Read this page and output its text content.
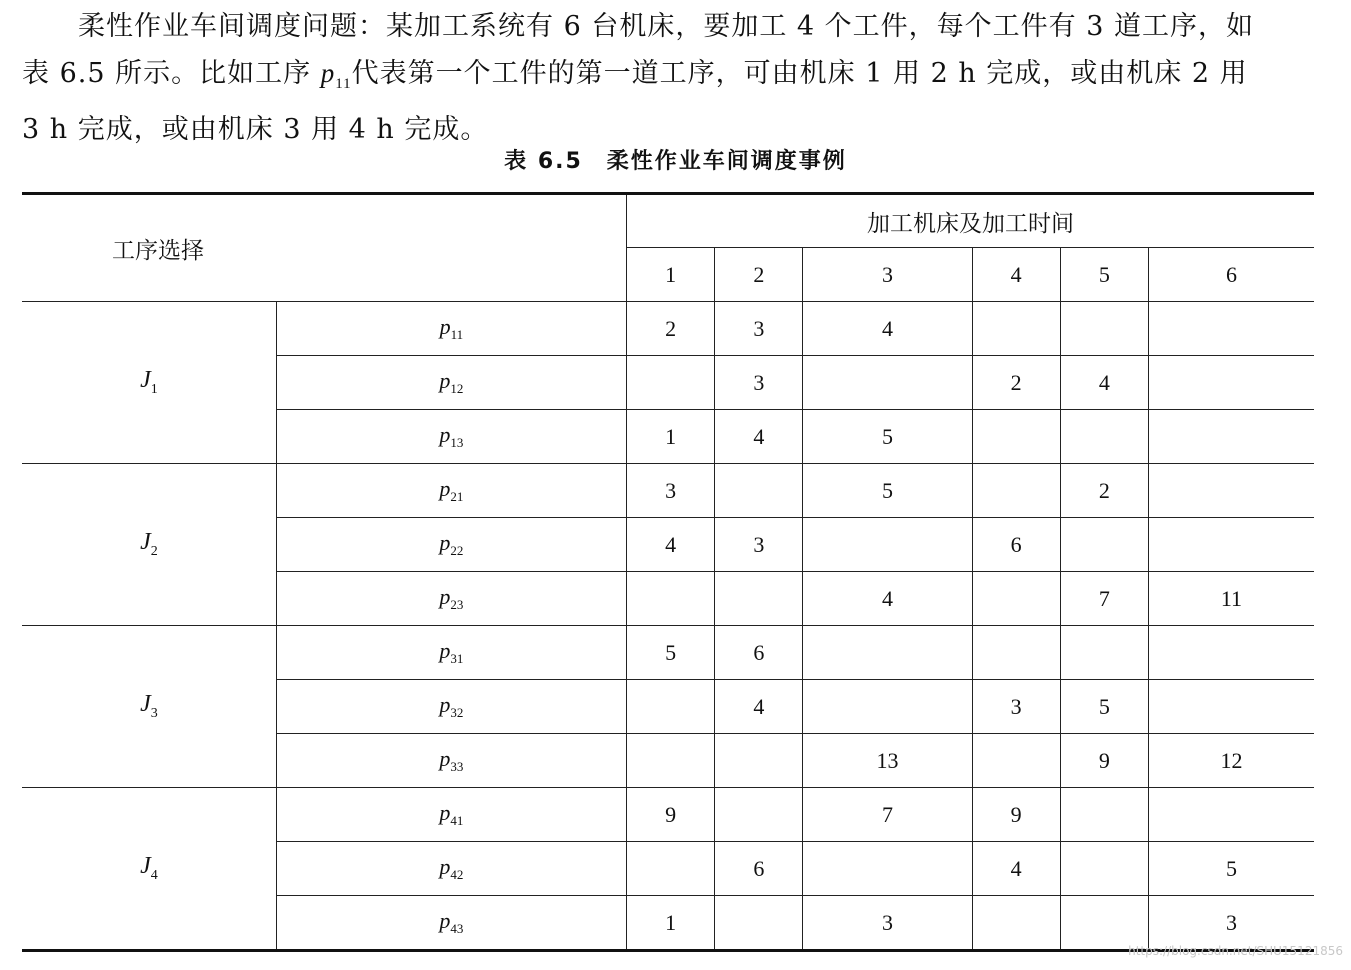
柔性作业车间调度问题：某加工系统有 6 台机床，要加工 4 个工件，每个工件有 3 道工序，如
表 6.5 所示。比如工序 $p_{11}$代表第一个工件的第一道工序，可由机床 1 用 2 h 完成，或由机床 2 用
3 h 完成，或由机床 3 用 4 h 完成。
表 6.5　柔性作业车间调度事例
工序选择		加工机床及加工时间					
		1	2	3	4	5	6
$J_1$	$p_{11}$	2	3	4			
	$p_{12}$		3		2	4	
	$p_{13}$	1	4	5			
$J_2$	$p_{21}$	3		5		2	
	$p_{22}$	4	3		6		
	$p_{23}$			4		7	11
$J_3$	$p_{31}$	5	6				
	$p_{32}$		4		3	5	
	$p_{33}$			13		9	12
$J_4$	$p_{41}$	9		7	9		
	$p_{42}$		6		4		5
	$p_{43}$	1		3			3
https://blog.csdn.net/SHU15121856
